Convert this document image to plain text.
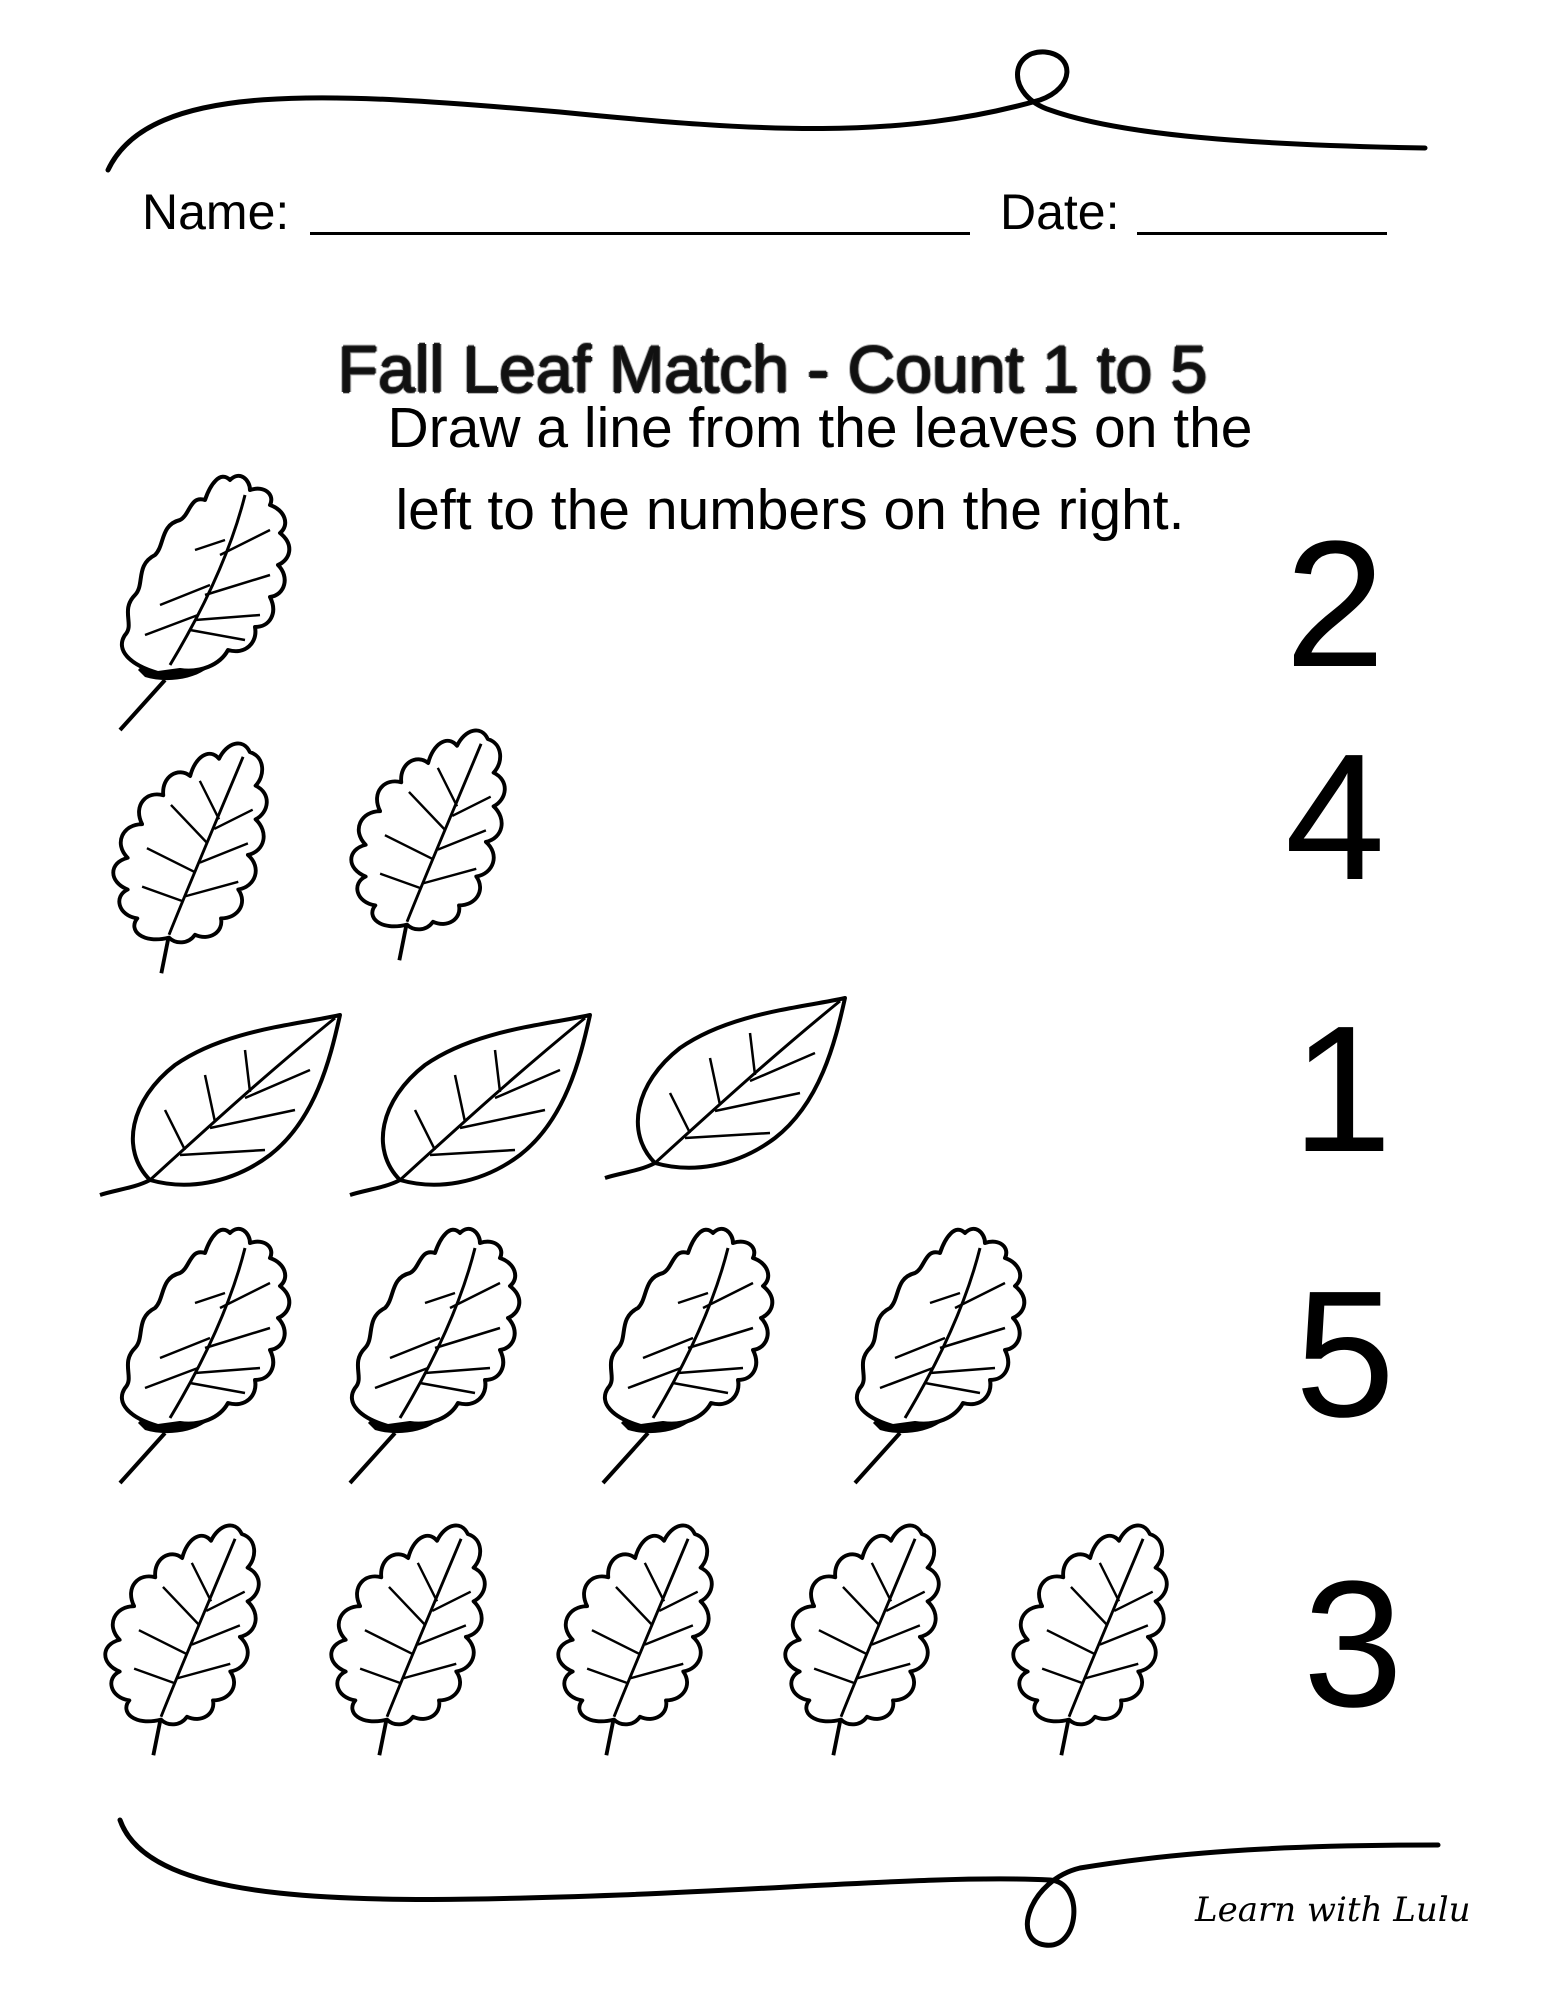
Name:	Date:
Fall Leaf Match - Count 1 to 5
Draw a line from the leaves on the
left to the numbers on the right. 2
4
1
5
3
Learn with Lulu
